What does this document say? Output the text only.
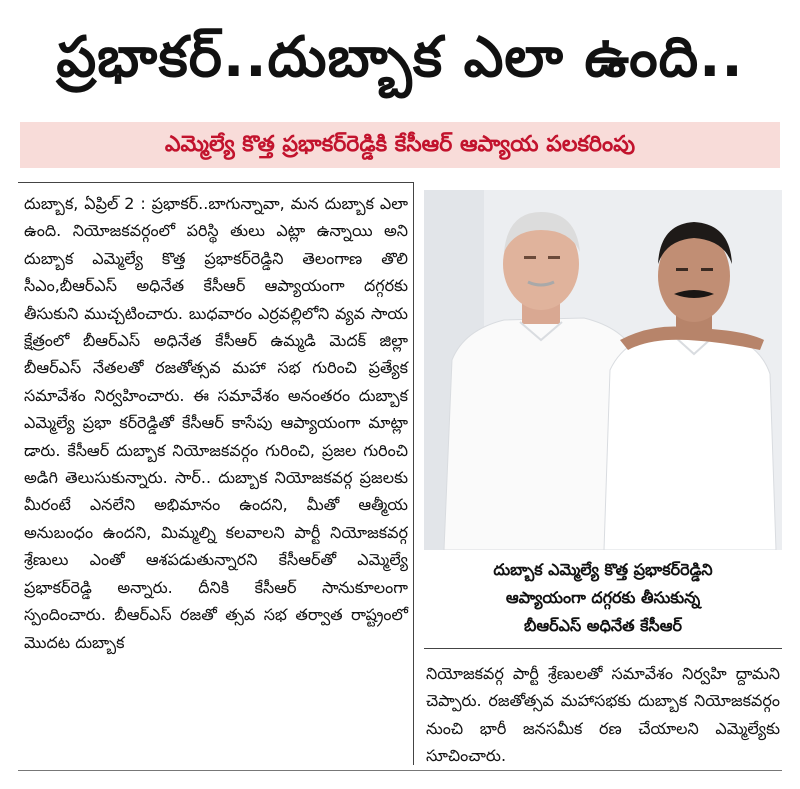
ప్రభాకర్..దుబ్బాక ఎలా ఉంది..
ఎమ్మెల్యే కొత్త ప్రభాకర్‌రెడ్డికి కేసీఆర్ ఆప్యాయ పలకరింపు
దుబ్బాక, ఏప్రిల్ 2 : ప్రభాకర్..బాగున్నావా, మన దుబ్బాక ఎలా ఉంది. నియోజకవర్గంలో పరిస్థి తులు ఎట్లా ఉన్నాయి అని దుబ్బాక ఎమ్మెల్యే కొత్త ప్రభాకర్‌రెడ్డిని తెలంగాణ తొలి సీఎం,బీఆర్‌ఎస్ అధినేత కేసీఆర్ ఆప్యాయంగా దగ్గరకు తీసుకుని ముచ్చటించారు. బుధవారం ఎర్రవల్లిలోని వ్యవ సాయ క్షేత్రంలో బీఆర్‌ఎస్ అధినేత కేసీఆర్ ఉమ్మడి మెదక్ జిల్లా బీఆర్‌ఎస్ నేతలతో రజతోత్సవ మహా సభ గురించి ప్రత్యేక సమావేశం నిర్వహించారు. ఈ సమావేశం అనంతరం దుబ్బాక ఎమ్మెల్యే ప్రభా కర్‌రెడ్డితో కేసీఆర్ కాసేపు ఆప్యాయంగా మాట్లా డారు. కేసీఆర్ దుబ్బాక నియోజకవర్గం గురించి, ప్రజల గురించి అడిగి తెలుసుకున్నారు. సార్.. దుబ్బాక నియోజకవర్గ ప్రజలకు మీరంటే ఎనలేని అభిమానం ఉందని, మీతో ఆత్మీయ అనుబంధం ఉందని, మిమ్మల్ని కలవాలని పార్టీ నియోజకవర్గ శ్రేణులు ఎంతో ఆశపడుతున్నారని కేసీఆర్‌తో ఎమ్మెల్యే ప్రభాకర్‌రెడ్డి అన్నారు. దీనికి కేసీఆర్ సానుకూలంగా స్పందించారు. బీఆర్‌ఎస్ రజతో త్సవ సభ తర్వాత రాష్ట్రంలో మొదట దుబ్బాక
దుబ్బాక ఎమ్మెల్యే కొత్త ప్రభాకర్‌రెడ్డిని
ఆప్యాయంగా దగ్గరకు తీసుకున్న
బీఆర్‌ఎస్ అధినేత కేసీఆర్
నియోజకవర్గ పార్టీ శ్రేణులతో సమావేశం నిర్వహి ద్దామని చెప్పారు. రజతోత్సవ మహాసభకు దుబ్బాక నియోజకవర్గం నుంచి భారీ జనసమీక రణ చేయాలని ఎమ్మెల్యేకు సూచించారు.
